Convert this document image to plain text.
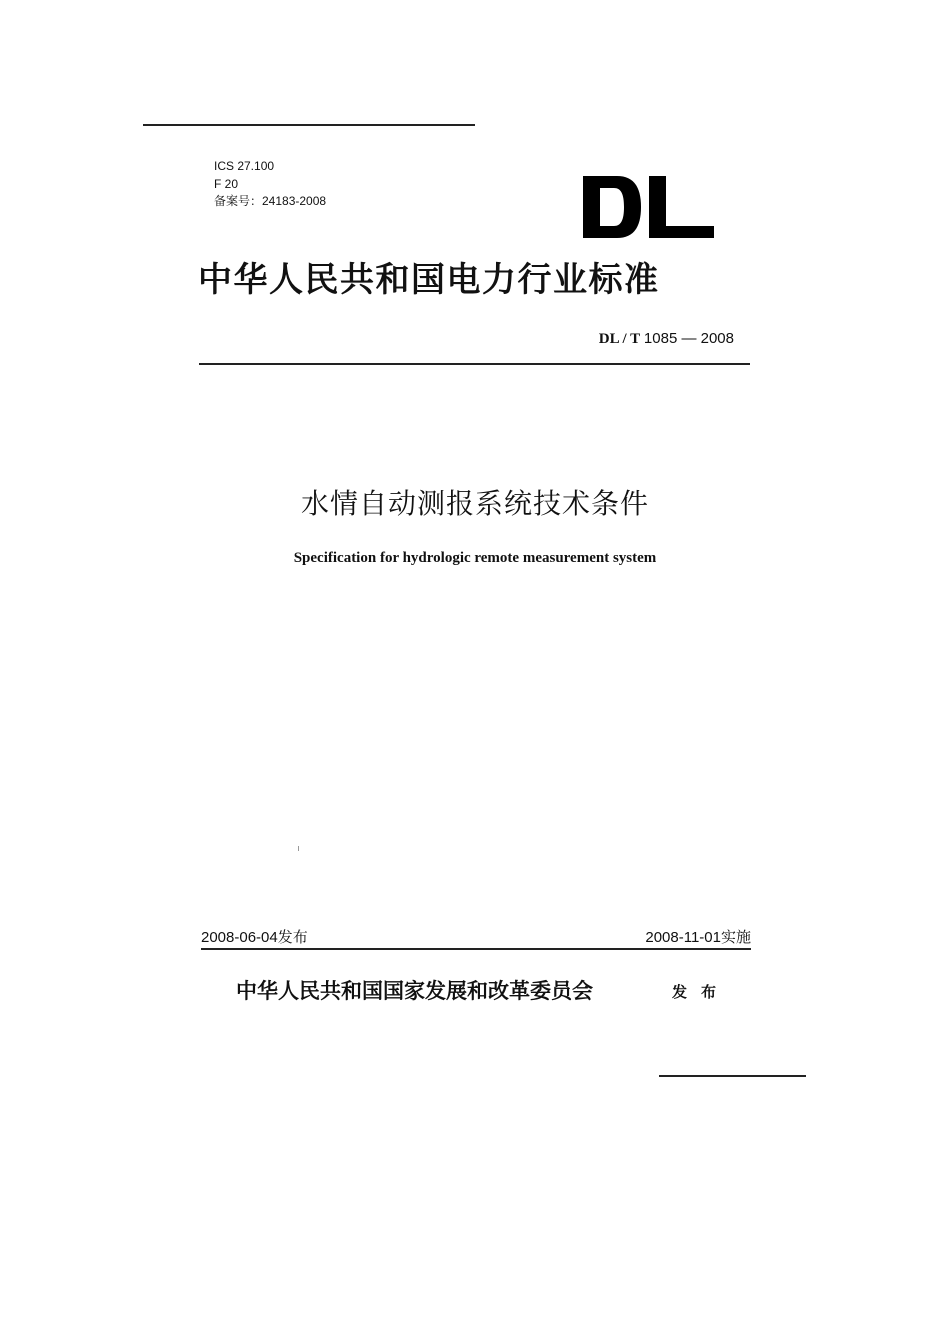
ICS 27.100
F 20
备案号：24183-2008
中华人民共和国电力行业标准
DL / T 1085 — 2008
水情自动测报系统技术条件
Specification for hydrologic remote measurement system
2008-06-04发布	2008-11-01实施
中华人民共和国国家发展和改革委员会	发布
